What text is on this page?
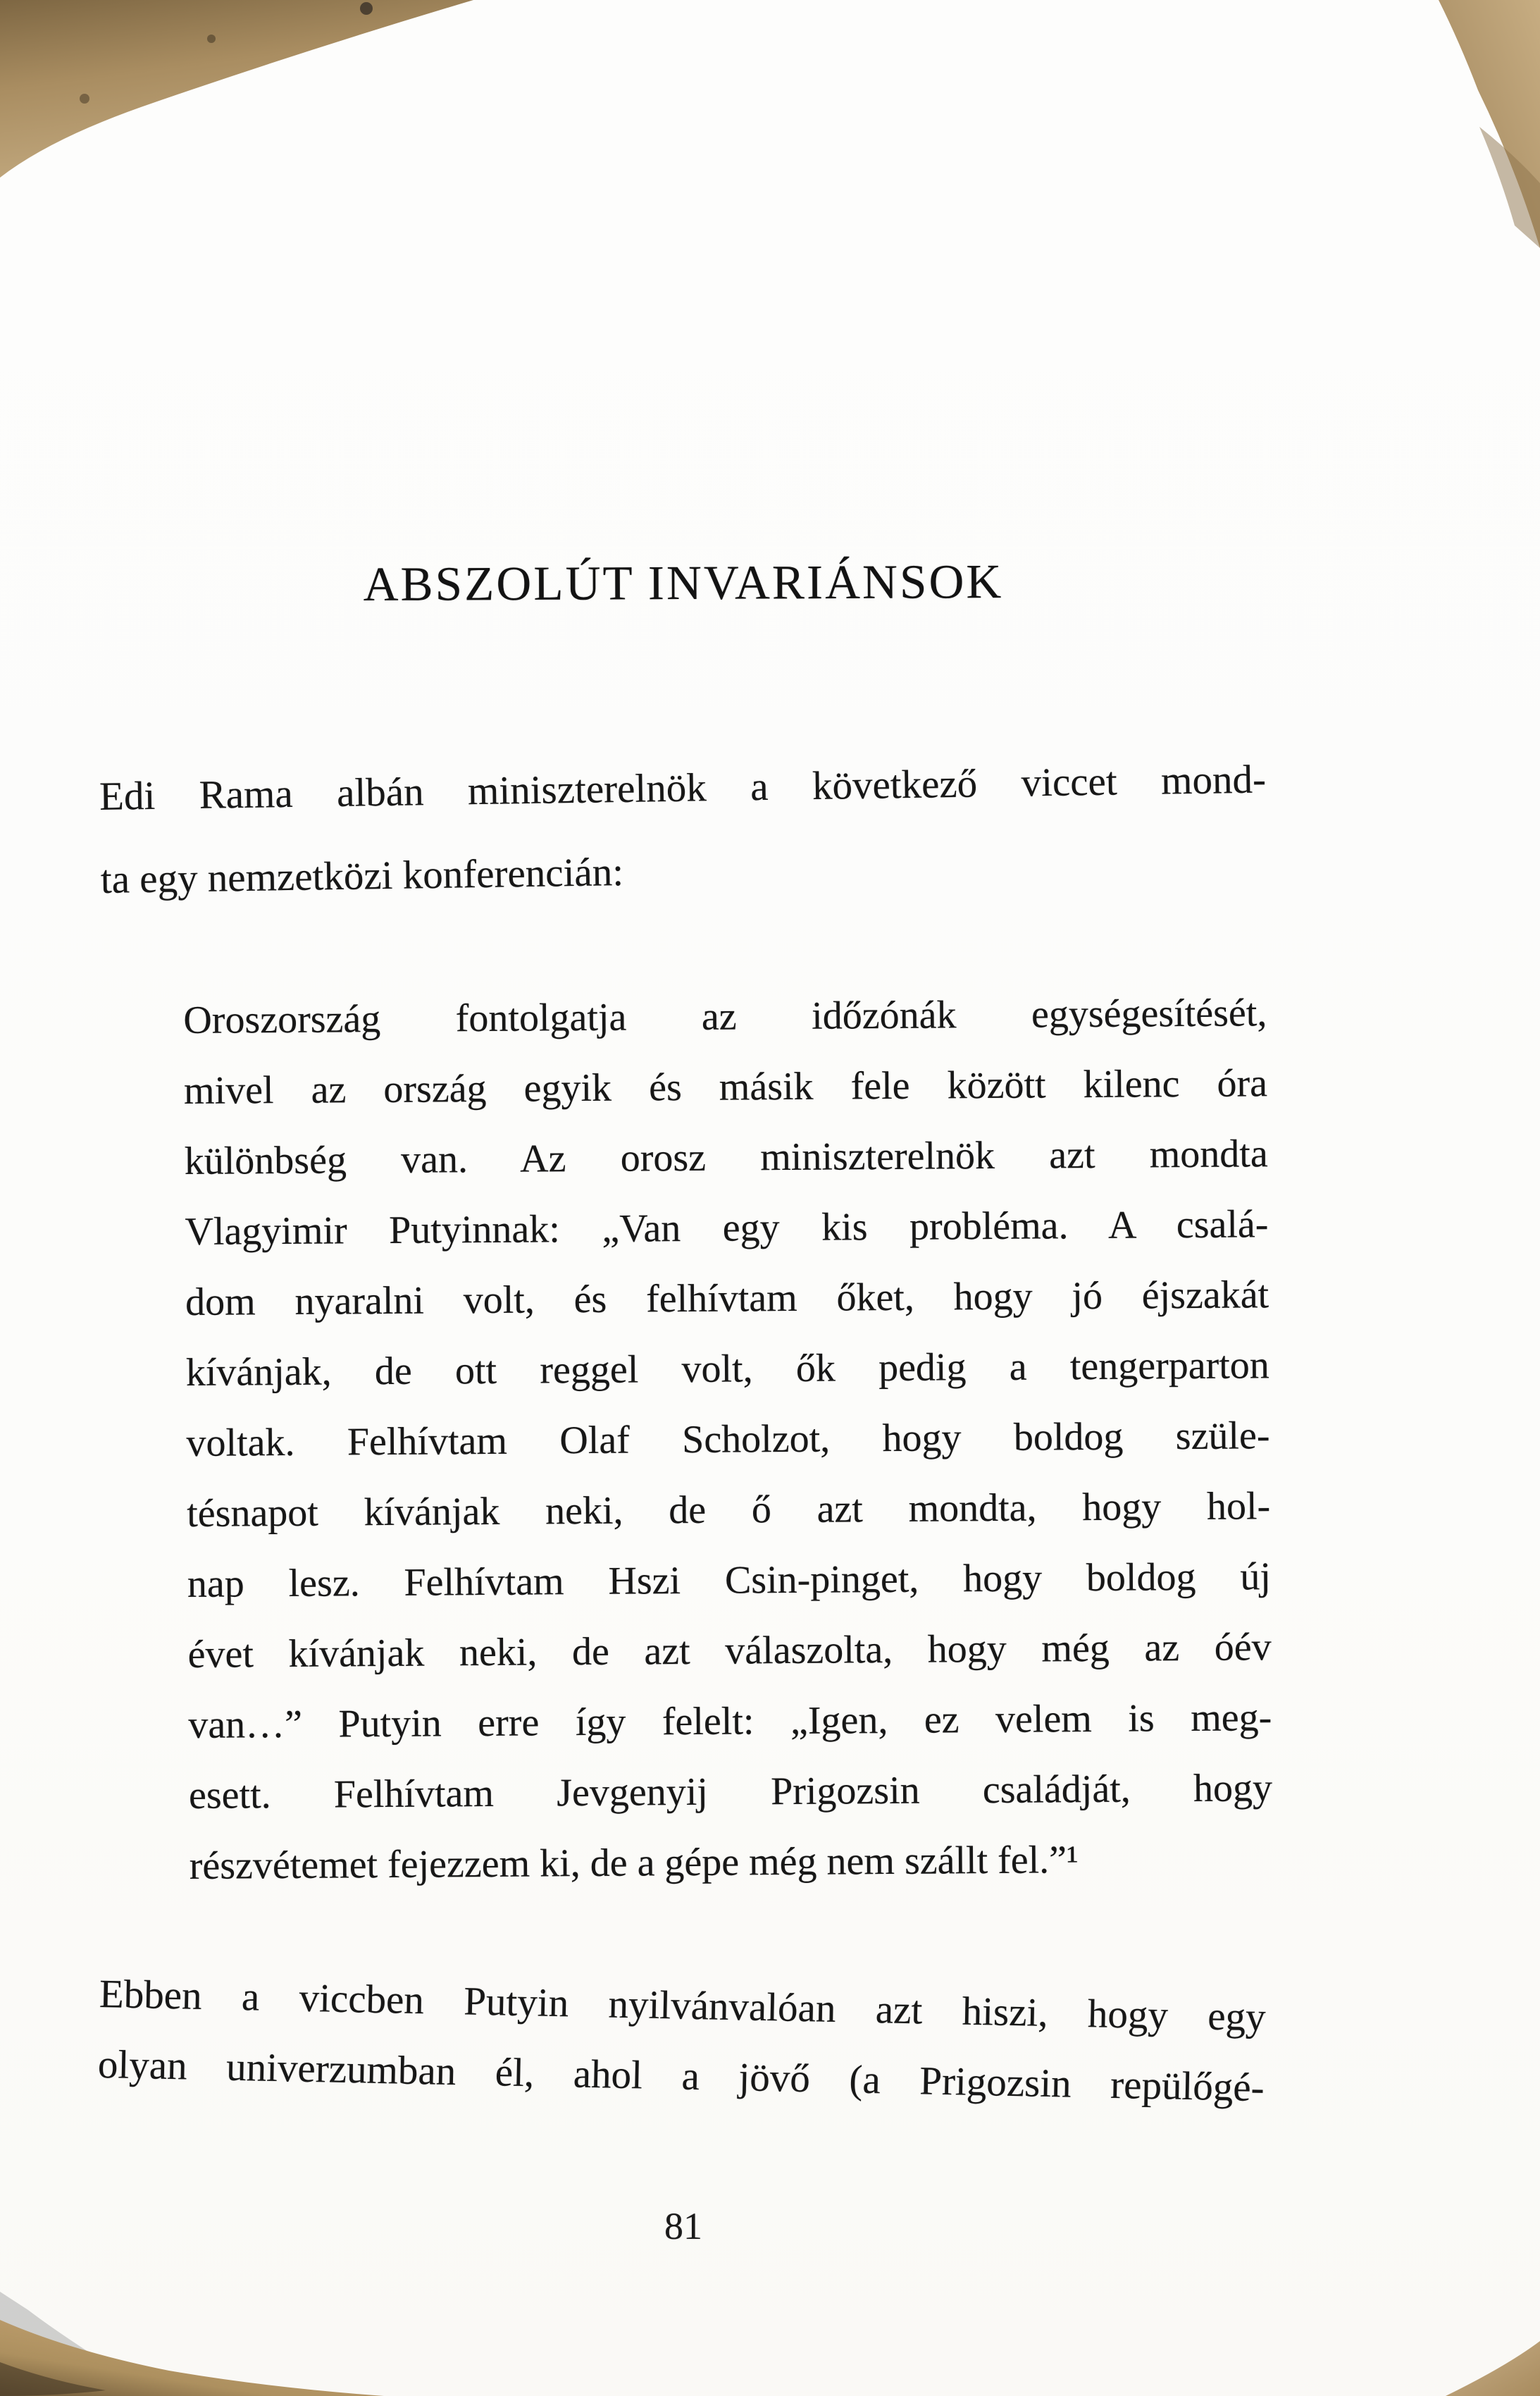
ABSZOLÚT INVARIÁNSOK
Edi Rama albán miniszterelnök a következő viccet mond-
ta egy nemzetközi konferencián:
Oroszország fontolgatja az időzónák egységesítését,
mivel az ország egyik és másik fele között kilenc óra
különbség van. Az orosz miniszterelnök azt mondta
Vlagyimir Putyinnak: „Van egy kis probléma. A csalá-
dom nyaralni volt, és felhívtam őket, hogy jó éjszakát
kívánjak, de ott reggel volt, ők pedig a tengerparton
voltak. Felhívtam Olaf Scholzot, hogy boldog szüle-
tésnapot kívánjak neki, de ő azt mondta, hogy hol-
nap lesz. Felhívtam Hszi Csin-pinget, hogy boldog új
évet kívánjak neki, de azt válaszolta, hogy még az óév
van…” Putyin erre így felelt: „Igen, ez velem is meg-
esett. Felhívtam Jevgenyij Prigozsin családját, hogy
részvétemet fejezzem ki, de a gépe még nem szállt fel.”¹
Ebben a viccben Putyin nyilvánvalóan azt hiszi, hogy egy
olyan univerzumban él, ahol a jövő (a Prigozsin repülőgé-
81
